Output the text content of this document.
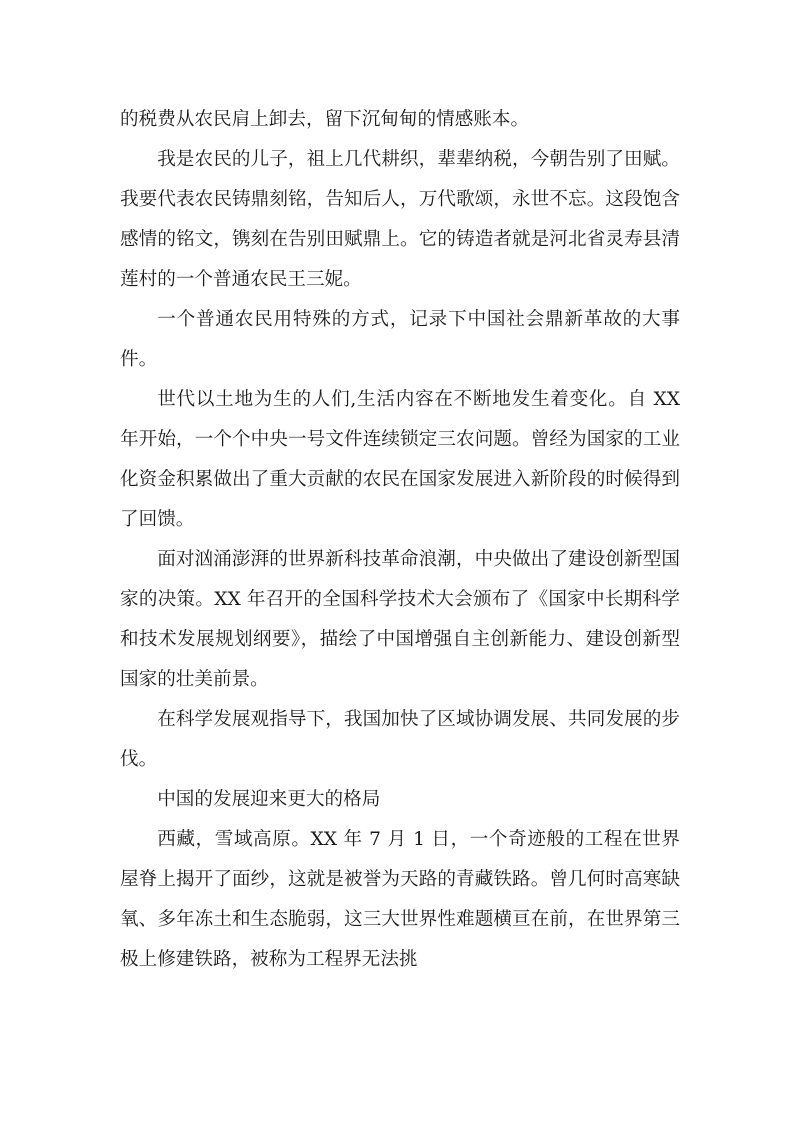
的税费从农民肩上卸去，留下沉甸甸的情感账本。

我是农民的儿子，祖上几代耕织，辈辈纳税，今朝告别了田赋。我要代表农民铸鼎刻铭，告知后人，万代歌颂，永世不忘。这段饱含感情的铭文，镌刻在告别田赋鼎上。它的铸造者就是河北省灵寿县清莲村的一个普通农民王三妮。

一个普通农民用特殊的方式，记录下中国社会鼎新革故的大事件。

世代以土地为生的人们,生活内容在不断地发生着变化。自 XX 年开始，一个个中央一号文件连续锁定三农问题。曾经为国家的工业化资金积累做出了重大贡献的农民在国家发展进入新阶段的时候得到了回馈。

面对汹涌澎湃的世界新科技革命浪潮，中央做出了建设创新型国家的决策。XX 年召开的全国科学技术大会颁布了《国家中长期科学和技术发展规划纲要》，描绘了中国增强自主创新能力、建设创新型国家的壮美前景。

在科学发展观指导下，我国加快了区域协调发展、共同发展的步伐。

中国的发展迎来更大的格局

西藏，雪域高原。XX 年 7 月 1 日，一个奇迹般的工程在世界屋脊上揭开了面纱，这就是被誉为天路的青藏铁路。曾几何时高寒缺氧、多年冻土和生态脆弱，这三大世界性难题横亘在前，在世界第三极上修建铁路，被称为工程界无法挑
